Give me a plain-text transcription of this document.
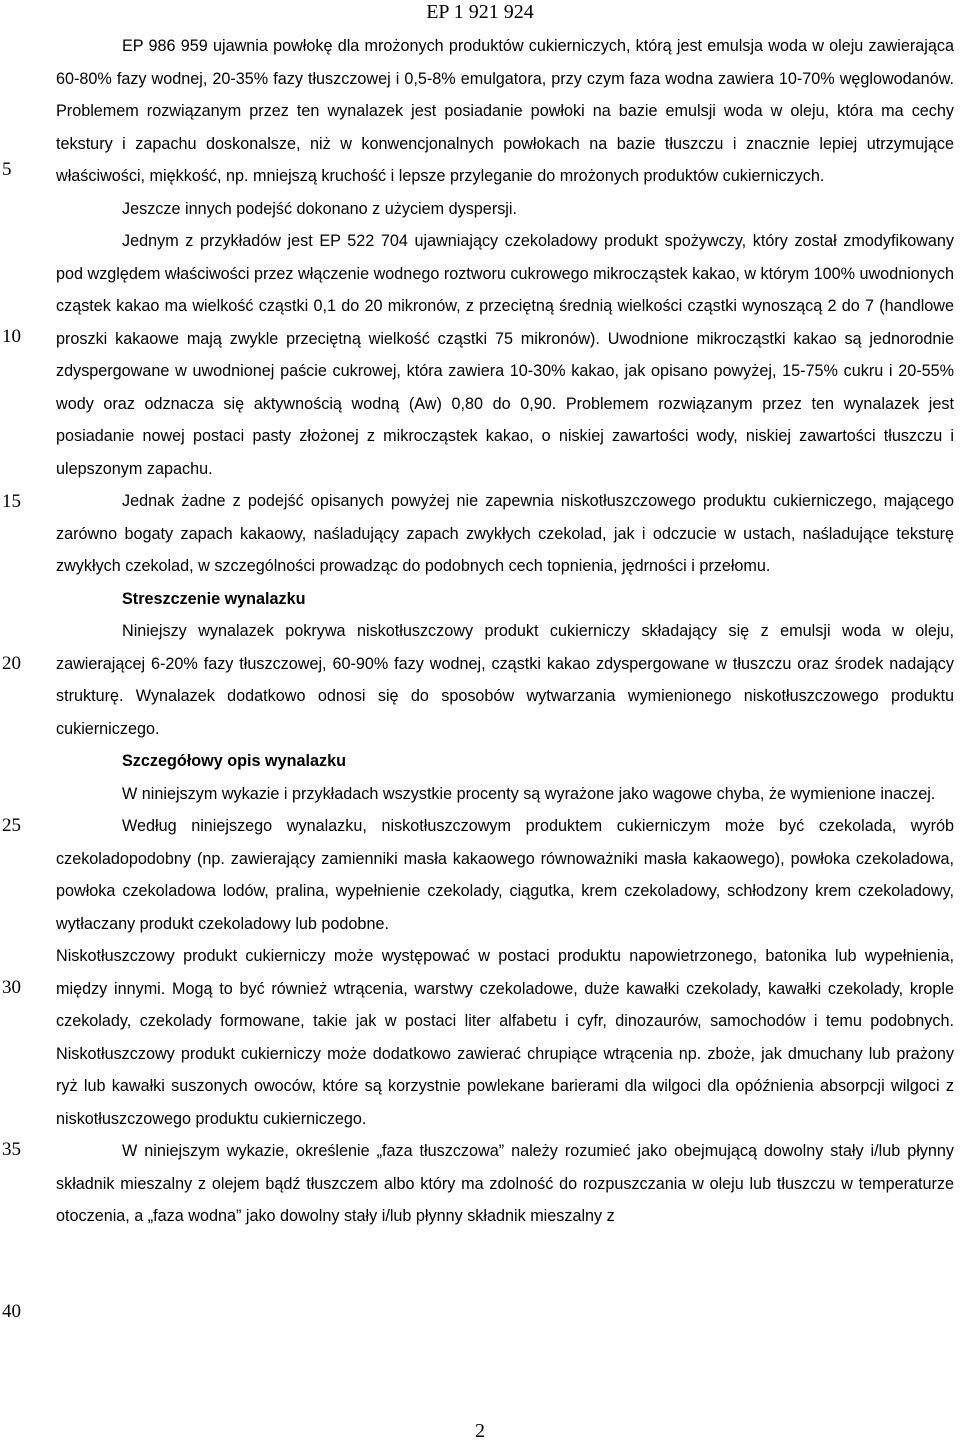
EP 1 921 924
5
10
15
20
25
30
35
40

EP 986 959 ujawnia powłokę dla mrożonych produktów cukierniczych, którą jest emulsja woda w oleju zawierająca 60-80% fazy wodnej, 20-35% fazy tłuszczowej i 0,5-8% emulgatora, przy czym faza wodna zawiera 10-70% węglowodanów. Problemem rozwiązanym przez ten wynalazek jest posiadanie powłoki na bazie emulsji woda w oleju, która ma cechy tekstury i zapachu doskonalsze, niż w konwencjonalnych powłokach na bazie tłuszczu i znacznie lepiej utrzymujące właściwości, miękkość, np. mniejszą kruchość i lepsze przyleganie do mrożonych produktów cukierniczych.

Jeszcze innych podejść dokonano z użyciem dyspersji.

Jednym z przykładów jest EP 522 704 ujawniający czekoladowy produkt spożywczy, który został zmodyfikowany pod względem właściwości przez włączenie wodnego roztworu cukrowego mikrocząstek kakao, w którym 100% uwodnionych cząstek kakao ma wielkość cząstki 0,1 do 20 mikronów, z przeciętną średnią wielkości cząstki wynoszącą 2 do 7 (handlowe proszki kakaowe mają zwykle przeciętną wielkość cząstki 75 mikronów). Uwodnione mikrocząstki kakao są jednorodnie zdyspergowane w uwodnionej paście cukrowej, która zawiera 10-30% kakao, jak opisano powyżej, 15-75% cukru i 20-55% wody oraz odznacza się aktywnością wodną (Aw) 0,80 do 0,90. Problemem rozwiązanym przez ten wynalazek jest posiadanie nowej postaci pasty złożonej z mikrocząstek kakao, o niskiej zawartości wody, niskiej zawartości tłuszczu i ulepszonym zapachu.

Jednak żadne z podejść opisanych powyżej nie zapewnia niskotłuszczowego produktu cukierniczego, mającego zarówno bogaty zapach kakaowy, naśladujący zapach zwykłych czekolad, jak i odczucie w ustach, naśladujące teksturę zwykłych czekolad, w szczególności prowadząc do podobnych cech topnienia, jędrności i przełomu.

Streszczenie wynalazku

Niniejszy wynalazek pokrywa niskotłuszczowy produkt cukierniczy składający się z emulsji woda w oleju, zawierającej 6-20% fazy tłuszczowej, 60-90% fazy wodnej, cząstki kakao zdyspergowane w tłuszczu oraz środek nadający strukturę. Wynalazek dodatkowo odnosi się do sposobów wytwarzania wymienionego niskotłuszczowego produktu cukierniczego.

Szczegółowy opis wynalazku

W niniejszym wykazie i przykładach wszystkie procenty są wyrażone jako wagowe chyba, że wymienione inaczej.

Według niniejszego wynalazku, niskotłuszczowym produktem cukierniczym może być czekolada, wyrób czekoladopodobny (np. zawierający zamienniki masła kakaowego równoważniki masła kakaowego), powłoka czekoladowa, powłoka czekoladowa lodów, pralina, wypełnienie czekolady, ciągutka, krem czekoladowy, schłodzony krem czekoladowy, wytłaczany produkt czekoladowy lub podobne.

Niskotłuszczowy produkt cukierniczy może występować w postaci produktu napowietrzonego, batonika lub wypełnienia, między innymi. Mogą to być również wtrącenia, warstwy czekoladowe, duże kawałki czekolady, kawałki czekolady, krople czekolady, czekolady formowane, takie jak w postaci liter alfabetu i cyfr, dinozaurów, samochodów i temu podobnych. Niskotłuszczowy produkt cukierniczy może dodatkowo zawierać chrupiące wtrącenia np. zboże, jak dmuchany lub prażony ryż lub kawałki suszonych owoców, które są korzystnie powlekane barierami dla wilgoci dla opóźnienia absorpcji wilgoci z niskotłuszczowego produktu cukierniczego.

W niniejszym wykazie, określenie „faza tłuszczowa” należy rozumieć jako obejmującą dowolny stały i/lub płynny składnik mieszalny z olejem bądź tłuszczem albo który ma zdolność do rozpuszczania w oleju lub tłuszczu w temperaturze otoczenia, a „faza wodna” jako dowolny stały i/lub płynny składnik mieszalny z

2
